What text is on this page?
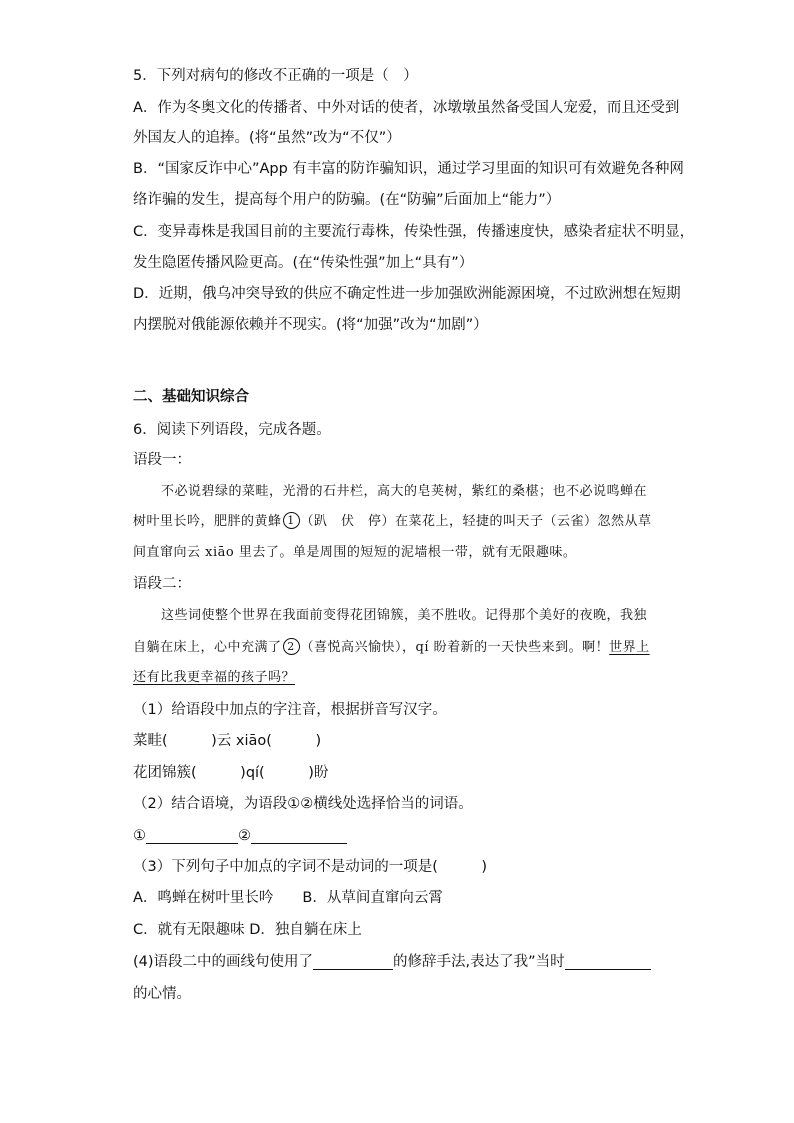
5．下列对病句的修改不正确的一项是（　）
A．作为冬奥文化的传播者、中外对话的使者，冰墩墩虽然备受国人宠爱，而且还受到
外国友人的追捧。(将“虽然”改为“不仅”）
B．“国家反诈中心”App 有丰富的防诈骗知识，通过学习里面的知识可有效避免各种网
络诈骗的发生，提高每个用户的防骗。(在“防骗”后面加上“能力”）
C．变异毒株是我国目前的主要流行毒株，传染性强，传播速度快，感染者症状不明显，
发生隐匿传播风险更高。(在“传染性强”加上“具有”）
D．近期，俄乌冲突导致的供应不确定性进一步加强欧洲能源困境，不过欧洲想在短期
内摆脱对俄能源依赖并不现实。(将“加强”改为“加剧”）
二、基础知识综合
6．阅读下列语段，完成各题。
语段一：
不必说碧绿的菜畦，光滑的石井栏，高大的皂荚树，紫红的桑椹；也不必说鸣蝉在
树叶里长吟，肥胖的黄蜂 1 （趴　伏　停）在菜花上，轻捷的叫天子（云雀）忽然从草
间直窜向云 xiāo 里去了。单是周围的短短的泥墙根一带，就有无限趣味。
语段二：
这些词使整个世界在我面前变得花团锦簇，美不胜收。记得那个美好的夜晚，我独
自躺在床上，心中充满了 2 （喜悦高兴愉快），qí 盼着新的一天快些来到。啊！世界上
还有比我更幸福的孩子吗？
（1）给语段中加点的字注音，根据拼音写汉字。
菜畦(　　　)云 xiāo(　　　)
花团锦簇(　　　)qí(　　　)盼
（2）结合语境，为语段①②横线处选择恰当的词语。
①	②
（3）下列句子中加点的字词不是动词的一项是(　　　)
A．鸣蝉在树叶里长吟　　B．从草间直窜向云霄
C．就有无限趣味 D．独自躺在床上
(4)语段二中的画线句使用了	的修辞手法,表达了我”当时
的心情。
